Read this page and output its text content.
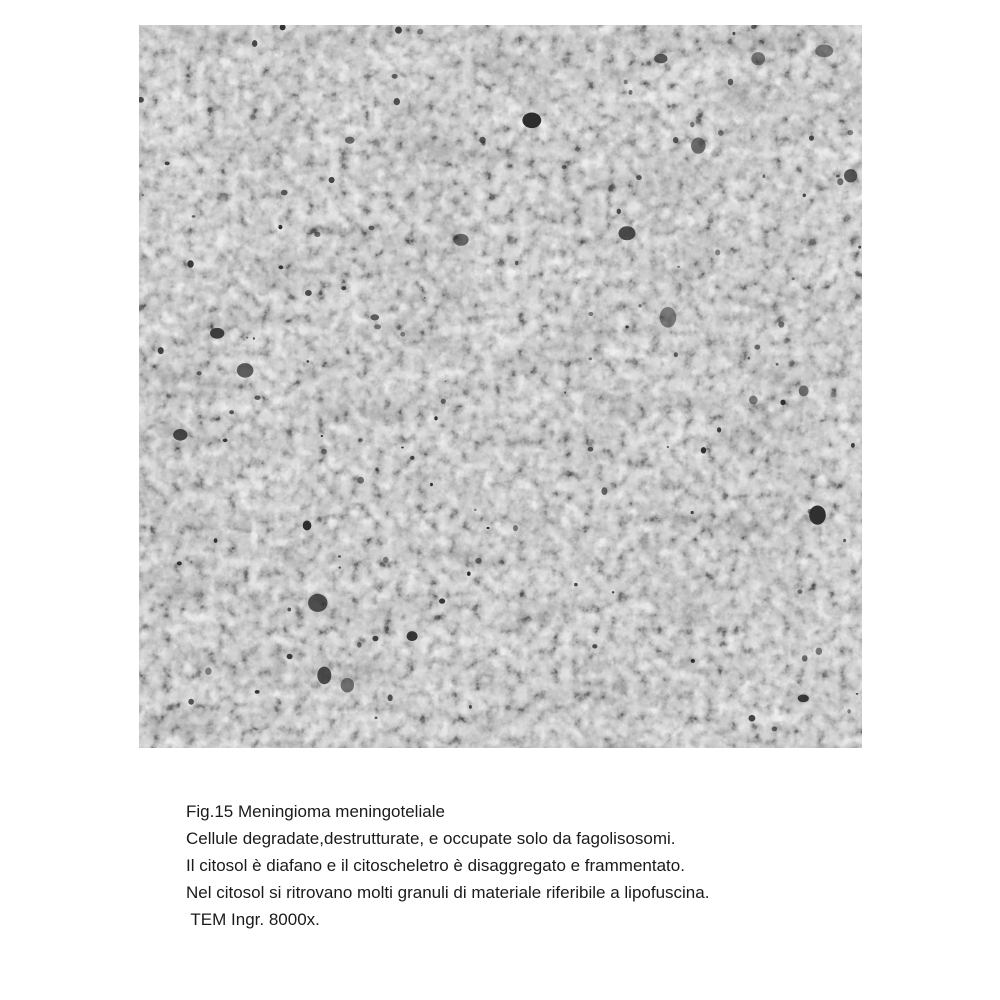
Fig.15 Meningioma meningoteliale
Cellule degradate,destrutturate, e occupate solo da fagolisosomi.
Il citosol è diafano e il citoscheletro è disaggregato e frammentato.
Nel citosol si ritrovano molti granuli di materiale riferibile a lipofuscina.
TEM Ingr. 8000x.
